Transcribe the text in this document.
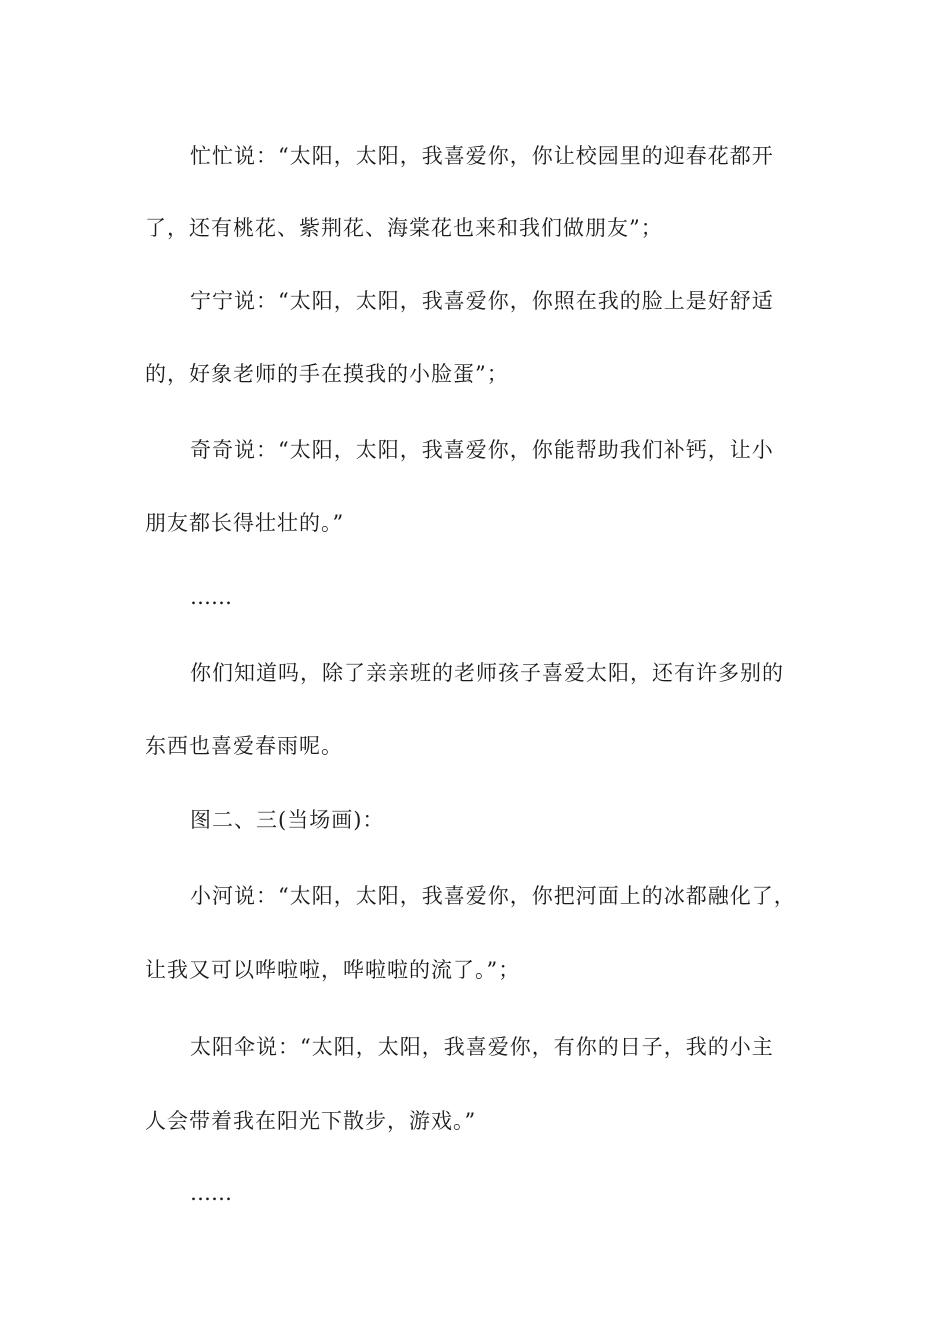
忙忙说：“太阳，太阳，我喜爱你，你让校园里的迎春花都开
了，还有桃花、紫荆花、海棠花也来和我们做朋友”；
宁宁说：“太阳，太阳，我喜爱你，你照在我的脸上是好舒适
的，好象老师的手在摸我的小脸蛋”；
奇奇说：“太阳，太阳，我喜爱你，你能帮助我们补钙，让小
朋友都长得壮壮的。”
……
你们知道吗，除了亲亲班的老师孩子喜爱太阳，还有许多别的
东西也喜爱春雨呢。
图二、三(当场画)：
小河说：“太阳，太阳，我喜爱你，你把河面上的冰都融化了，
让我又可以哗啦啦，哗啦啦的流了。”；
太阳伞说：“太阳，太阳，我喜爱你，有你的日子，我的小主
人会带着我在阳光下散步，游戏。”
……
